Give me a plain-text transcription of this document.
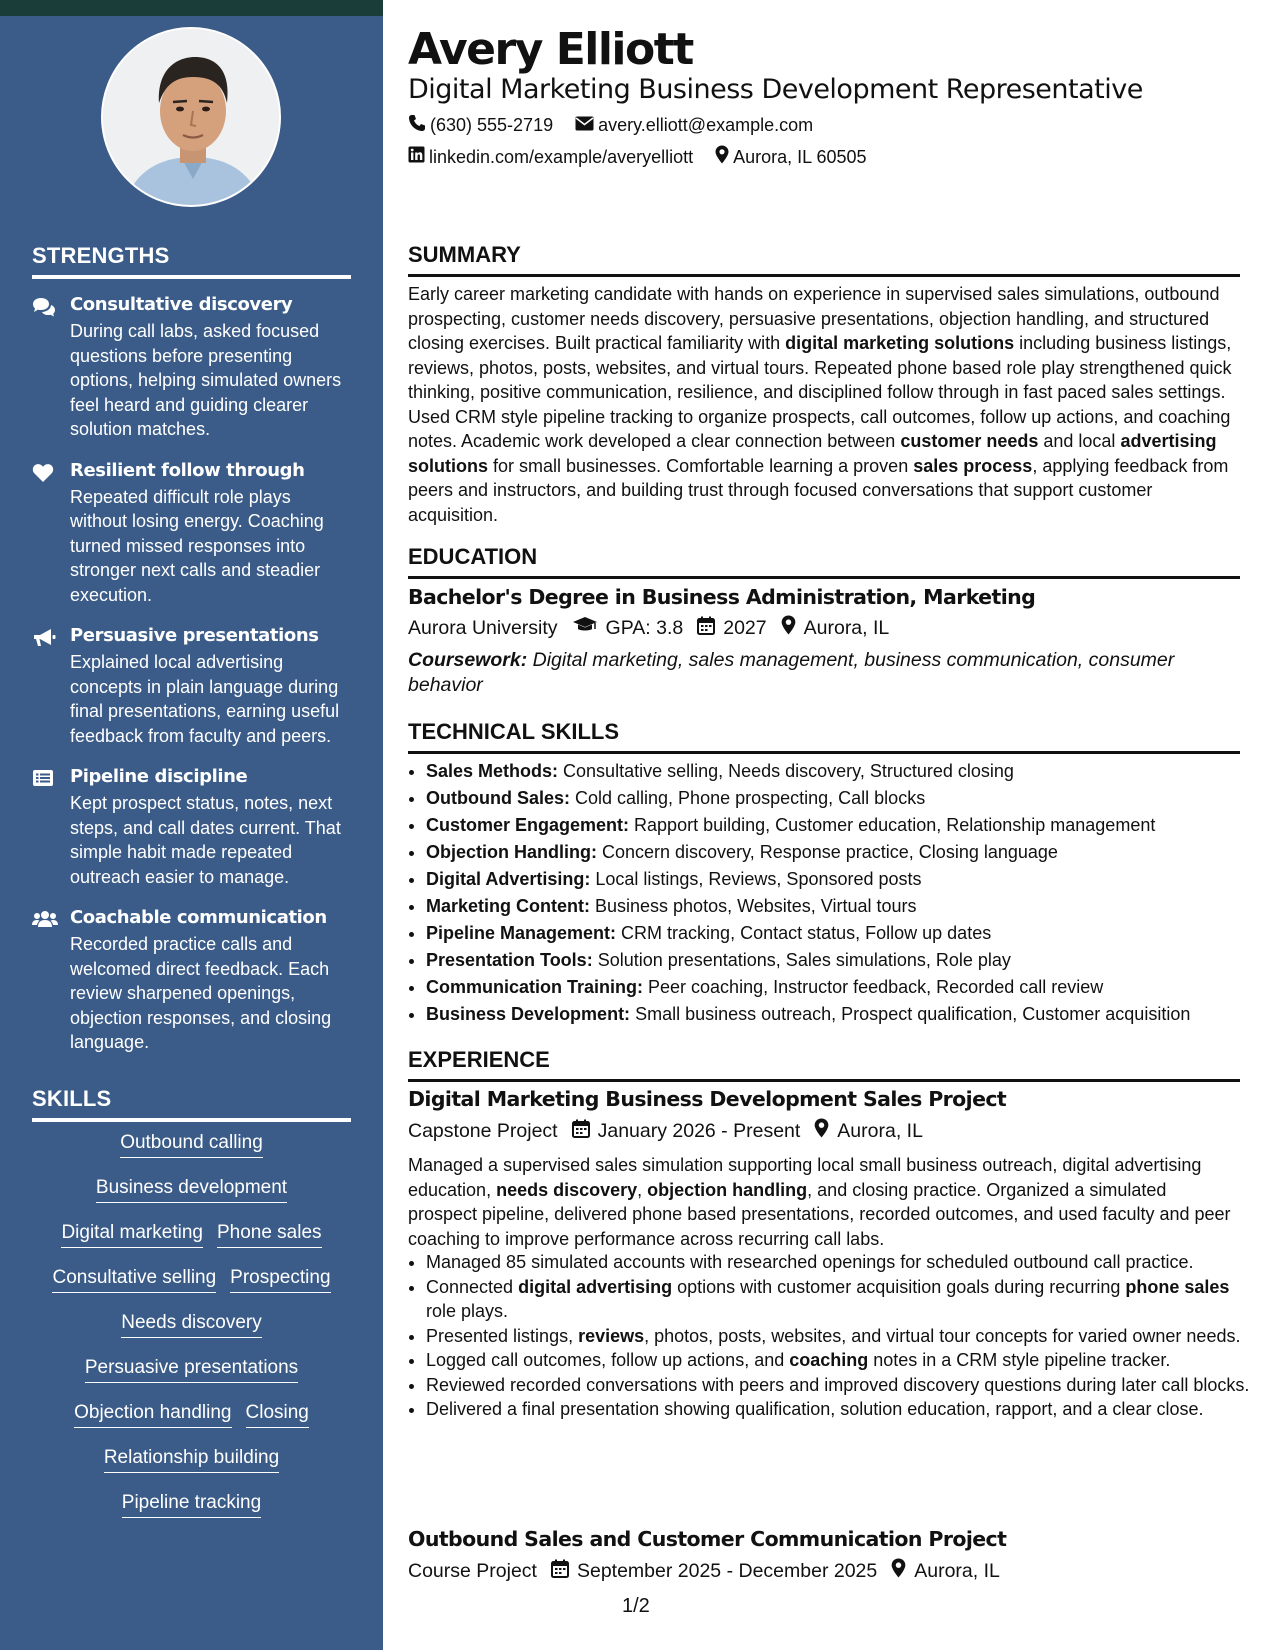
STRENGTHS
Consultative discovery
During call labs, asked focused questions before presenting options, helping simulated owners feel heard and guiding clearer solution matches.
Resilient follow through
Repeated difficult role plays without losing energy. Coaching turned missed responses into stronger next calls and steadier execution.
Persuasive presentations
Explained local advertising concepts in plain language during final presentations, earning useful feedback from faculty and peers.
Pipeline discipline
Kept prospect status, notes, next steps, and call dates current. That simple habit made repeated outreach easier to manage.
Coachable communication
Recorded practice calls and welcomed direct feedback. Each review sharpened openings, objection responses, and closing language.
SKILLS
Outbound calling
Business development
Digital marketing Phone sales
Consultative selling Prospecting
Needs discovery
Persuasive presentations
Objection handling Closing
Relationship building
Pipeline tracking
Avery Elliott
Digital Marketing Business Development Representative
(630) 555-2719	avery.elliott@example.com
linkedin.com/example/averyelliott Aurora, IL 60505
SUMMARY
Early career marketing candidate with hands on experience in supervised sales simulations, outbound prospecting, customer needs discovery, persuasive presentations, objection handling, and structured closing exercises. Built practical familiarity with digital marketing solutions including business listings, reviews, photos, posts, websites, and virtual tours. Repeated phone based role play strengthened quick thinking, positive communication, resilience, and disciplined follow through in fast paced sales settings. Used CRM style pipeline tracking to organize prospects, call outcomes, follow up actions, and coaching notes. Academic work developed a clear connection between customer needs and local advertising solutions for small businesses. Comfortable learning a proven sales process, applying feedback from peers and instructors, and building trust through focused conversations that support customer acquisition.
EDUCATION
Bachelor's Degree in Business Administration, Marketing
Aurora University GPA: 3.8 2027 Aurora, IL
Coursework: Digital marketing, sales management, business communication, consumer behavior
TECHNICAL SKILLS
• Sales Methods: Consultative selling, Needs discovery, Structured closing
• Outbound Sales: Cold calling, Phone prospecting, Call blocks
• Customer Engagement: Rapport building, Customer education, Relationship management
• Objection Handling: Concern discovery, Response practice, Closing language
• Digital Advertising: Local listings, Reviews, Sponsored posts
• Marketing Content: Business photos, Websites, Virtual tours
• Pipeline Management: CRM tracking, Contact status, Follow up dates
• Presentation Tools: Solution presentations, Sales simulations, Role play
• Communication Training: Peer coaching, Instructor feedback, Recorded call review
• Business Development: Small business outreach, Prospect qualification, Customer acquisition
EXPERIENCE
Digital Marketing Business Development Sales Project
Capstone Project January 2026 - Present Aurora, IL
Managed a supervised sales simulation supporting local small business outreach, digital advertising education, needs discovery, objection handling, and closing practice. Organized a simulated prospect pipeline, delivered phone based presentations, recorded outcomes, and used faculty and peer coaching to improve performance across recurring call labs.
• Managed 85 simulated accounts with researched openings for scheduled outbound call practice.
• Connected digital advertising options with customer acquisition goals during recurring phone sales role plays.
• Presented listings, reviews, photos, posts, websites, and virtual tour concepts for varied owner needs.
• Logged call outcomes, follow up actions, and coaching notes in a CRM style pipeline tracker.
• Reviewed recorded conversations with peers and improved discovery questions during later call blocks.
• Delivered a final presentation showing qualification, solution education, rapport, and a clear close.
Outbound Sales and Customer Communication Project
Course Project September 2025 - December 2025 Aurora, IL
1/2
